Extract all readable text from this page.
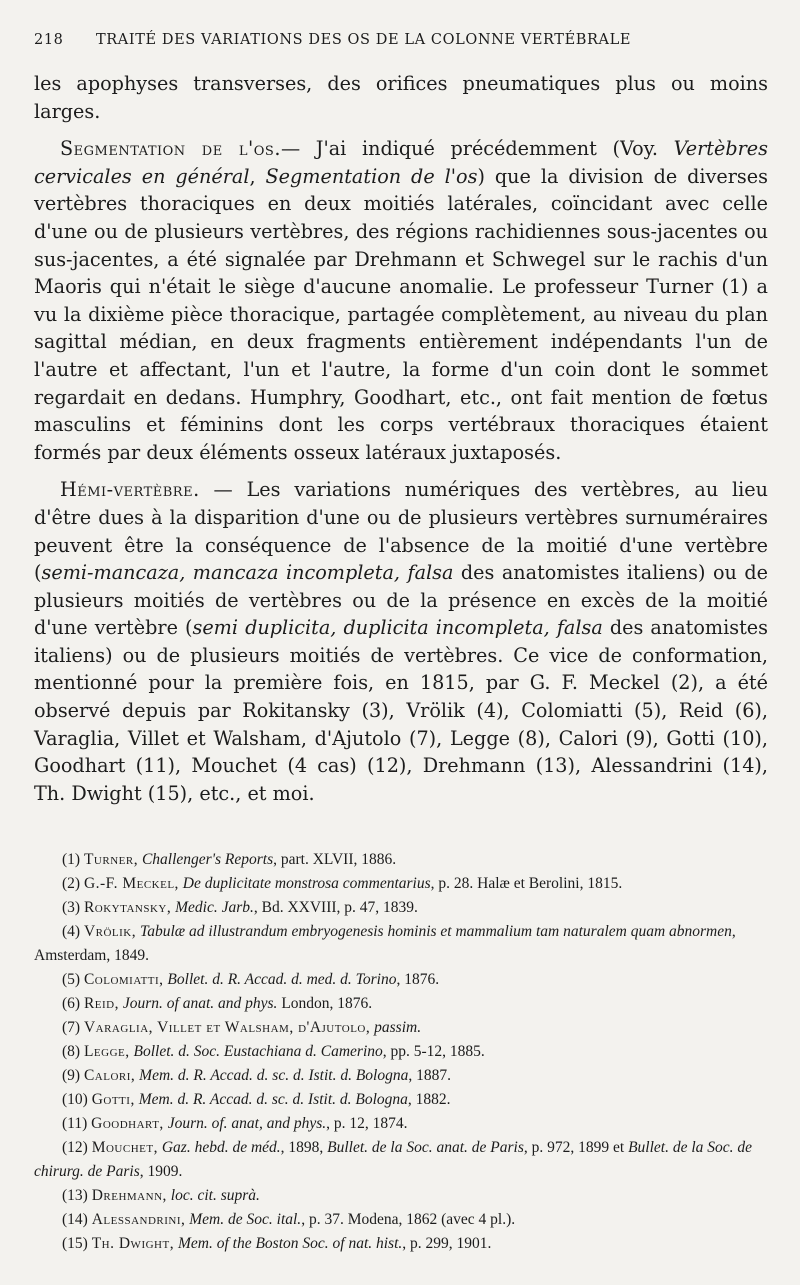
218 TRAITÉ DES VARIATIONS DES OS DE LA COLONNE VERTÉBRALE

les apophyses transverses, des orifices pneumatiques plus ou moins larges.

Segmentation de l'os.— J'ai indiqué précédemment (Voy. Vertèbres cervicales en général, Segmentation de l'os) que la division de diverses vertèbres thoraciques en deux moitiés latérales, coïncidant avec celle d'une ou de plusieurs vertèbres, des régions rachidiennes sous-jacentes ou sus-jacentes, a été signalée par Drehmann et Schwegel sur le rachis d'un Maoris qui n'était le siège d'aucune anomalie. Le professeur Turner (1) a vu la dixième pièce thoracique, partagée complètement, au niveau du plan sagittal médian, en deux fragments entièrement indépendants l'un de l'autre et affectant, l'un et l'autre, la forme d'un coin dont le sommet regardait en dedans. Humphry, Goodhart, etc., ont fait mention de fœtus masculins et féminins dont les corps vertébraux thoraciques étaient formés par deux éléments osseux latéraux juxtaposés.

Hémi-vertèbre. — Les variations numériques des vertèbres, au lieu d'être dues à la disparition d'une ou de plusieurs vertèbres surnuméraires peuvent être la conséquence de l'absence de la moitié d'une vertèbre (semi-mancaza, mancaza incompleta, falsa des anatomistes italiens) ou de plusieurs moitiés de vertèbres ou de la présence en excès de la moitié d'une vertèbre (semi duplicita, duplicita incompleta, falsa des anatomistes italiens) ou de plusieurs moitiés de vertèbres. Ce vice de conformation, mentionné pour la première fois, en 1815, par G. F. Meckel (2), a été observé depuis par Rokitansky (3), Vrölik (4), Colomiatti (5), Reid (6), Varaglia, Villet et Walsham, d'Ajutolo (7), Legge (8), Calori (9), Gotti (10), Goodhart (11), Mouchet (4 cas) (12), Drehmann (13), Alessandrini (14), Th. Dwight (15), etc., et moi.

(1) Turner, Challenger's Reports, part. XLVII, 1886.

(2) G.-F. Meckel, De duplicitate monstrosa commentarius, p. 28. Halæ et Berolini, 1815.

(3) Rokytansky, Medic. Jarb., Bd. XXVIII, p. 47, 1839.

(4) Vrölik, Tabulæ ad illustrandum embryogenesis hominis et mammalium tam naturalem quam abnormen, Amsterdam, 1849.

(5) Colomiatti, Bollet. d. R. Accad. d. med. d. Torino, 1876.

(6) Reid, Journ. of anat. and phys. London, 1876.

(7) Varaglia, Villet et Walsham, d'Ajutolo, passim.

(8) Legge, Bollet. d. Soc. Eustachiana d. Camerino, pp. 5-12, 1885.

(9) Calori, Mem. d. R. Accad. d. sc. d. Istit. d. Bologna, 1887.

(10) Gotti, Mem. d. R. Accad. d. sc. d. Istit. d. Bologna, 1882.

(11) Goodhart, Journ. of. anat, and phys., p. 12, 1874.

(12) Mouchet, Gaz. hebd. de méd., 1898, Bullet. de la Soc. anat. de Paris, p. 972, 1899 et Bullet. de la Soc. de chirurg. de Paris, 1909.

(13) Drehmann, loc. cit. suprà.

(14) Alessandrini, Mem. de Soc. ital., p. 37. Modena, 1862 (avec 4 pl.).

(15) Th. Dwight, Mem. of the Boston Soc. of nat. hist., p. 299, 1901.
